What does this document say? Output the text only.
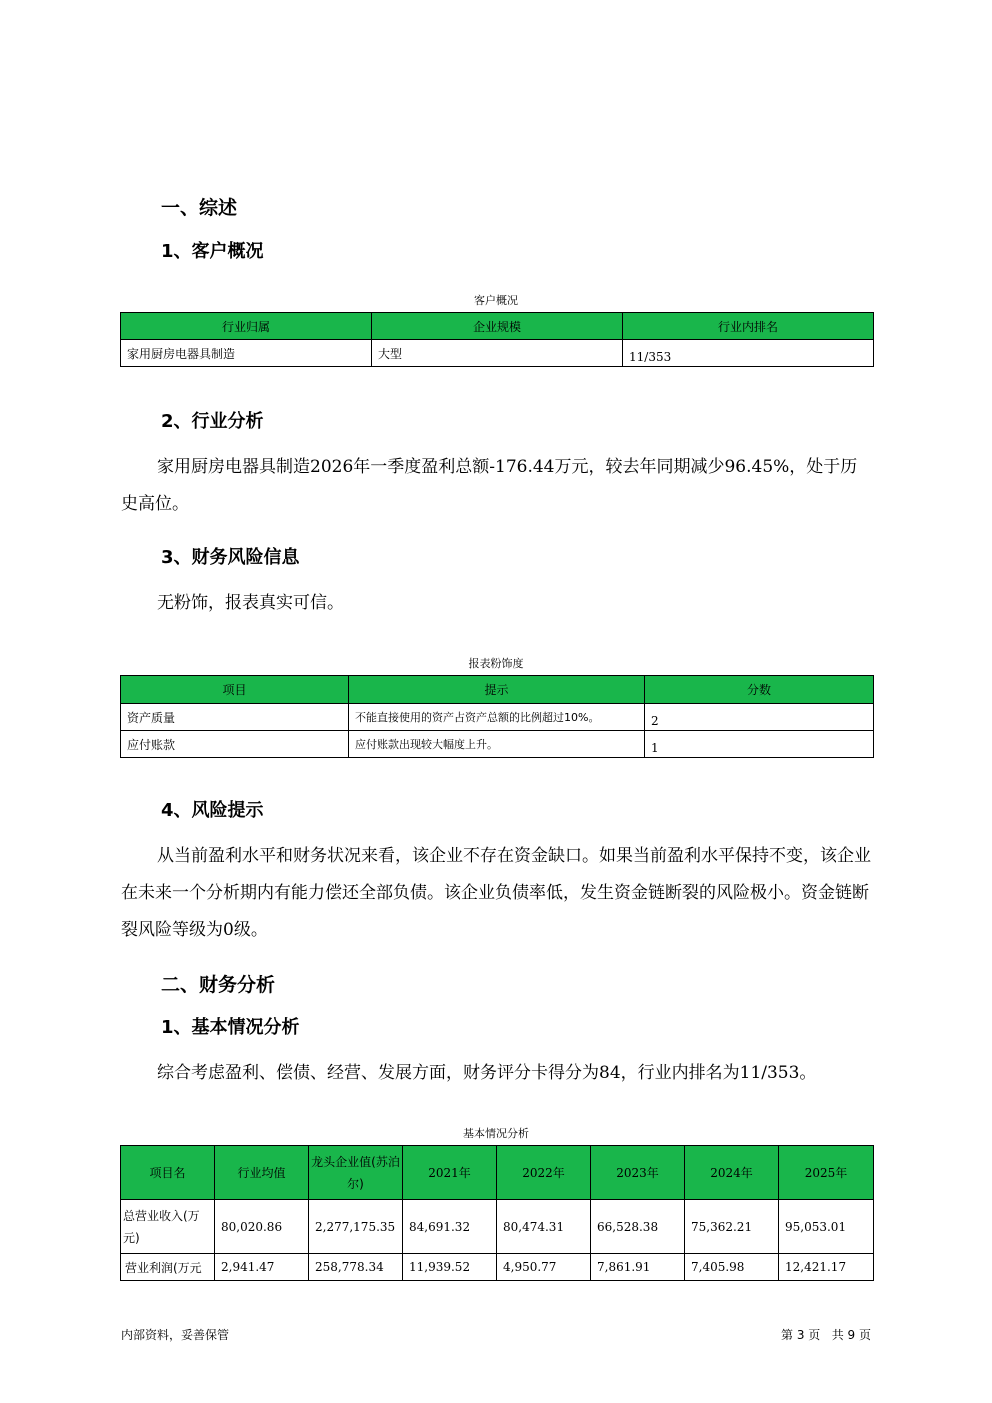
一、综述
1、客户概况
客户概况
行业归属	企业规模	行业内排名
家用厨房电器具制造	大型	11/353
2、行业分析
家用厨房电器具制造2026年一季度盈利总额-176.44万元，较去年同期减少96.45%，处于历史高位。
3、财务风险信息
无粉饰，报表真实可信。
报表粉饰度
项目	提示	分数
资产质量	不能直接使用的资产占资产总额的比例超过10%。	2
应付账款	应付账款出现较大幅度上升。	1
4、风险提示
从当前盈利水平和财务状况来看，该企业不存在资金缺口。如果当前盈利水平保持不变，该企业在未来一个分析期内有能力偿还全部负债。该企业负债率低，发生资金链断裂的风险极小。资金链断裂风险等级为0级。
二、财务分析
1、基本情况分析
综合考虑盈利、偿债、经营、发展方面，财务评分卡得分为84，行业内排名为11/353。
基本情况分析
项目名	行业均值	龙头企业值(苏泊尔)	2021年	2022年	2023年	2024年	2025年
总营业收入(万元)	80,020.86	2,277,175.35	84,691.32	80,474.31	66,528.38	75,362.21	95,053.01
营业利润(万元	2,941.47	258,778.34	11,939.52	4,950.77	7,861.91	7,405.98	12,421.17
内部资料，妥善保管	第 3 页   共 9 页
